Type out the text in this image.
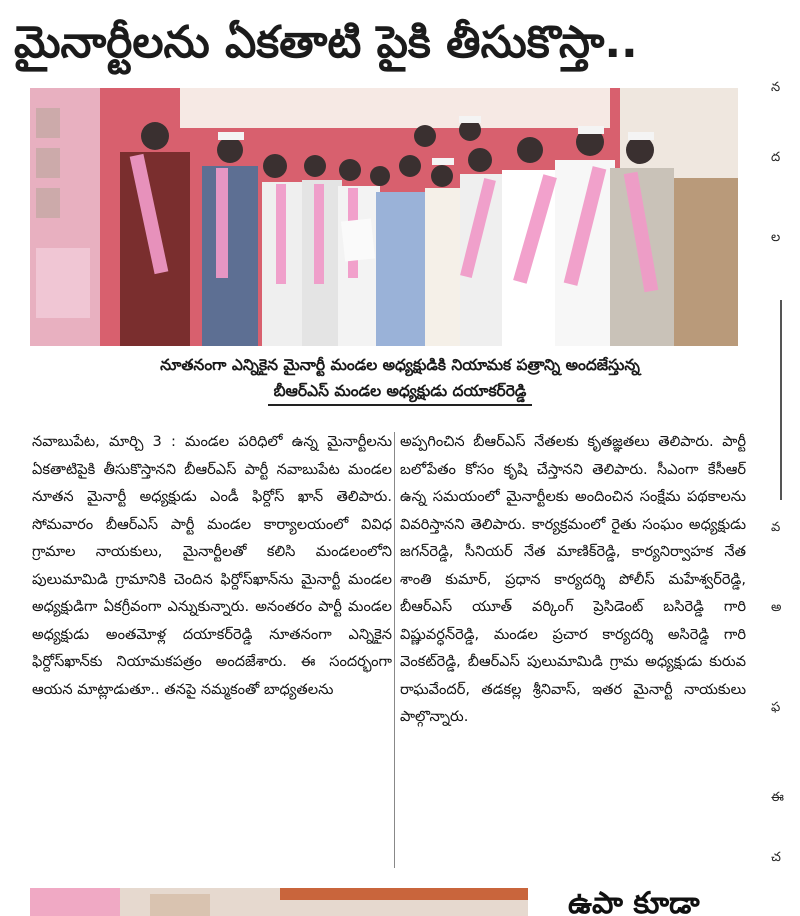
మైనార్టీలను ఏకతాటి పైకి తీసుకొస్తా..
నూతనంగా ఎన్నికైన మైనార్టీ మండల అధ్యక్షుడికి నియామక పత్రాన్ని అందజేస్తున్న
బీఆర్ఎస్ మండల అధ్యక్షుడు దయాకర్‌రెడ్డి

నవాబుపేట, మార్చి 3 : మండల పరిధిలో ఉన్న మైనార్టీలను ఏకతాటిపైకి తీసుకొస్తానని బీఆర్ఎస్ పార్టీ నవాబుపేట మండల నూతన మైనార్టీ అధ్యక్షుడు ఎండీ ఫిర్దోస్ ఖాన్ తెలిపారు. సోమవారం బీఆర్ఎస్ పార్టీ మండల కార్యాలయంలో వివిధ గ్రామాల నాయకులు, మైనార్టీలతో కలిసి మండలంలోని పులుమామిడి గ్రామానికి చెందిన ఫిర్దోస్‌ఖాన్‌ను మైనార్టీ మండల అధ్యక్షుడిగా ఏకగ్రీవంగా ఎన్నుకున్నారు. అనంతరం పార్టీ మండల అధ్యక్షుడు అంతమోళ్ల దయాకర్‌రెడ్డి నూతనంగా ఎన్నికైన ఫిర్దోస్‌ఖాన్‌కు నియామకపత్రం అందజేశారు. ఈ సందర్భంగా ఆయన మాట్లాడుతూ.. తనపై నమ్మకంతో బాధ్యతలను

అప్పగించిన బీఆర్ఎస్ నేతలకు కృతజ్ఞతలు తెలిపారు. పార్టీ బలోపేతం కోసం కృషి చేస్తానని తెలిపారు. సీఎంగా కేసీఆర్ ఉన్న సమయంలో మైనార్టీలకు అందించిన సంక్షేమ పథకాలను వివరిస్తానని తెలిపారు. కార్యక్రమంలో రైతు సంఘం అధ్యక్షుడు జగన్‌రెడ్డి, సీనియర్ నేత మాణిక్‌రెడ్డి, కార్యనిర్వాహక నేత శాంతి కుమార్, ప్రధాన కార్యదర్శి పోలీస్ మహేశ్వర్‌రెడ్డి, బీఆర్ఎస్ యూత్ వర్కింగ్ ప్రెసిడెంట్ బసిరెడ్డి గారి విష్ణువర్ధన్‌రెడ్డి, మండల ప్రచార కార్యదర్శి అసిరెడ్డి గారి వెంకట్‌రెడ్డి, బీఆర్ఎస్ పులుమామిడి గ్రామ అధ్యక్షుడు కురువ రాఘవేందర్, తడకల్ల శ్రీనివాస్, ఇతర మైనార్టీ నాయకులు పాల్గొన్నారు.

న
ద
ల
వ
అ
ఫ
ఈ
చ
ఉపా కూడా
